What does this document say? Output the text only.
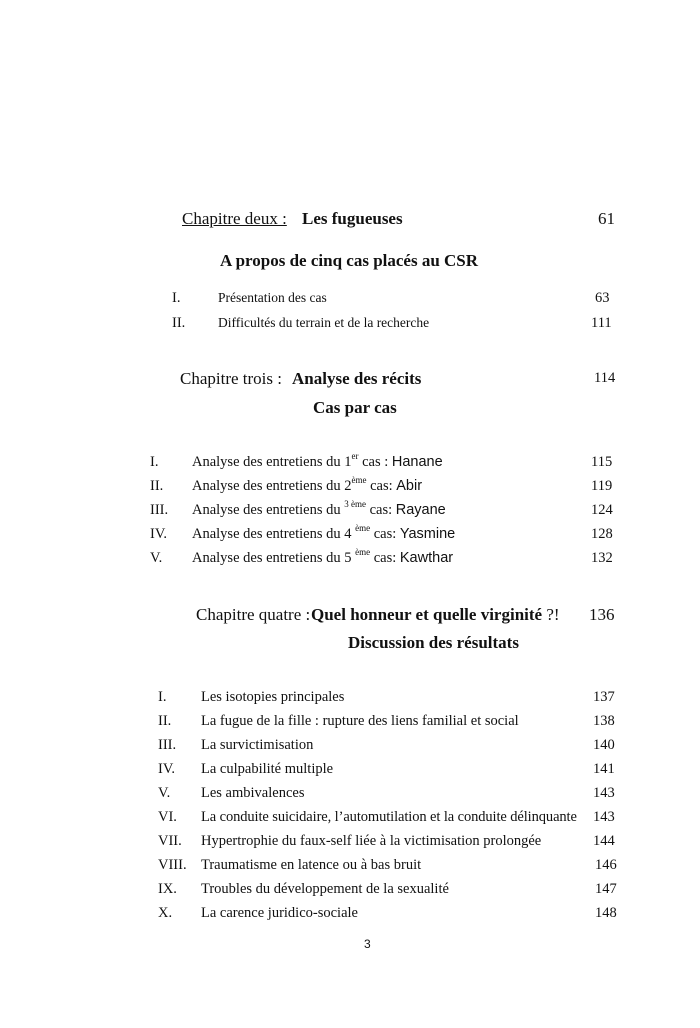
Chapitre deux : Les fugueuses	61
A propos de cinq cas placés au CSR
I.	Présentation des cas	63
II. Difficultés du terrain et de la recherche	111
Chapitre trois : Analyse des récits	114
Cas par cas
I. Analyse des entretiens du 1er cas : Hanane	115
II. Analyse des entretiens du 2ème cas: Abir	119
III. Analyse des entretiens du $^{3 ème}$ cas: Rayane	124
IV. Analyse des entretiens du 4 $^{ème}$ cas: Yasmine	128
V. Analyse des entretiens du 5 $^{ème}$ cas: Kawthar	132
Chapitre quatre : Quel honneur et quelle virginité ?! 136
Discussion des résultats
I. Les isotopies principales	137
II. La fugue de la fille : rupture des liens familial et social	138
III. La survictimisation	140
IV. La culpabilité multiple	141
V. Les ambivalences	143
VI. La conduite suicidaire, l’automutilation et la conduite délinquante 143
VII. Hypertrophie du faux-self liée à la victimisation prolongée	144
VIII. Traumatisme en latence ou à bas bruit	146
IX. Troubles du développement de la sexualité	147
X. La carence juridico-sociale	148
3
